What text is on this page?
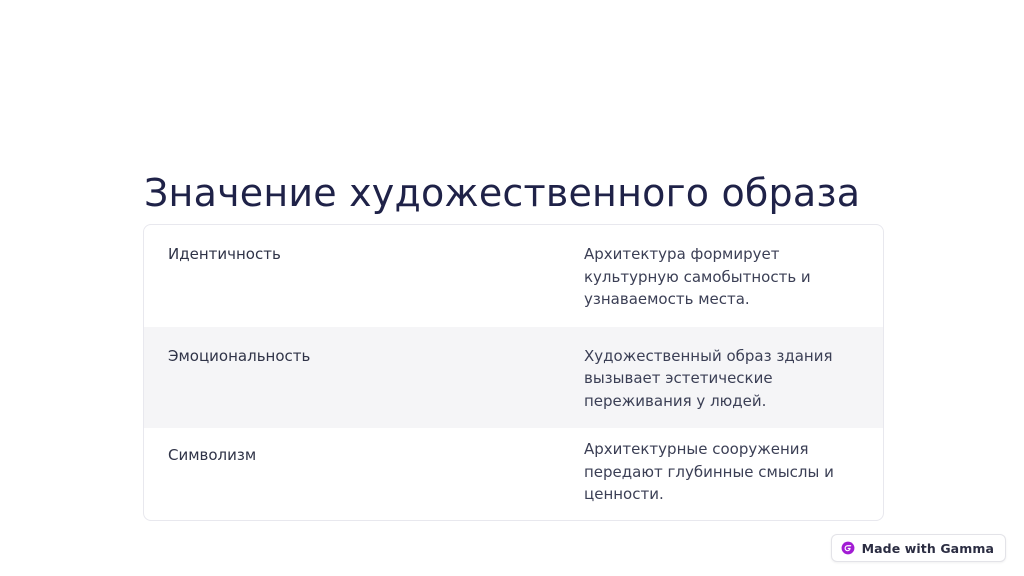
Значение художественного образа
Идентичность	Архитектура формирует культурную самобытность и узнаваемость места.
Эмоциональность	Художественный образ здания вызывает эстетические переживания у людей.
Символизм	Архитектурные сооружения передают глубинные смыслы и ценности.
Made with Gamma
